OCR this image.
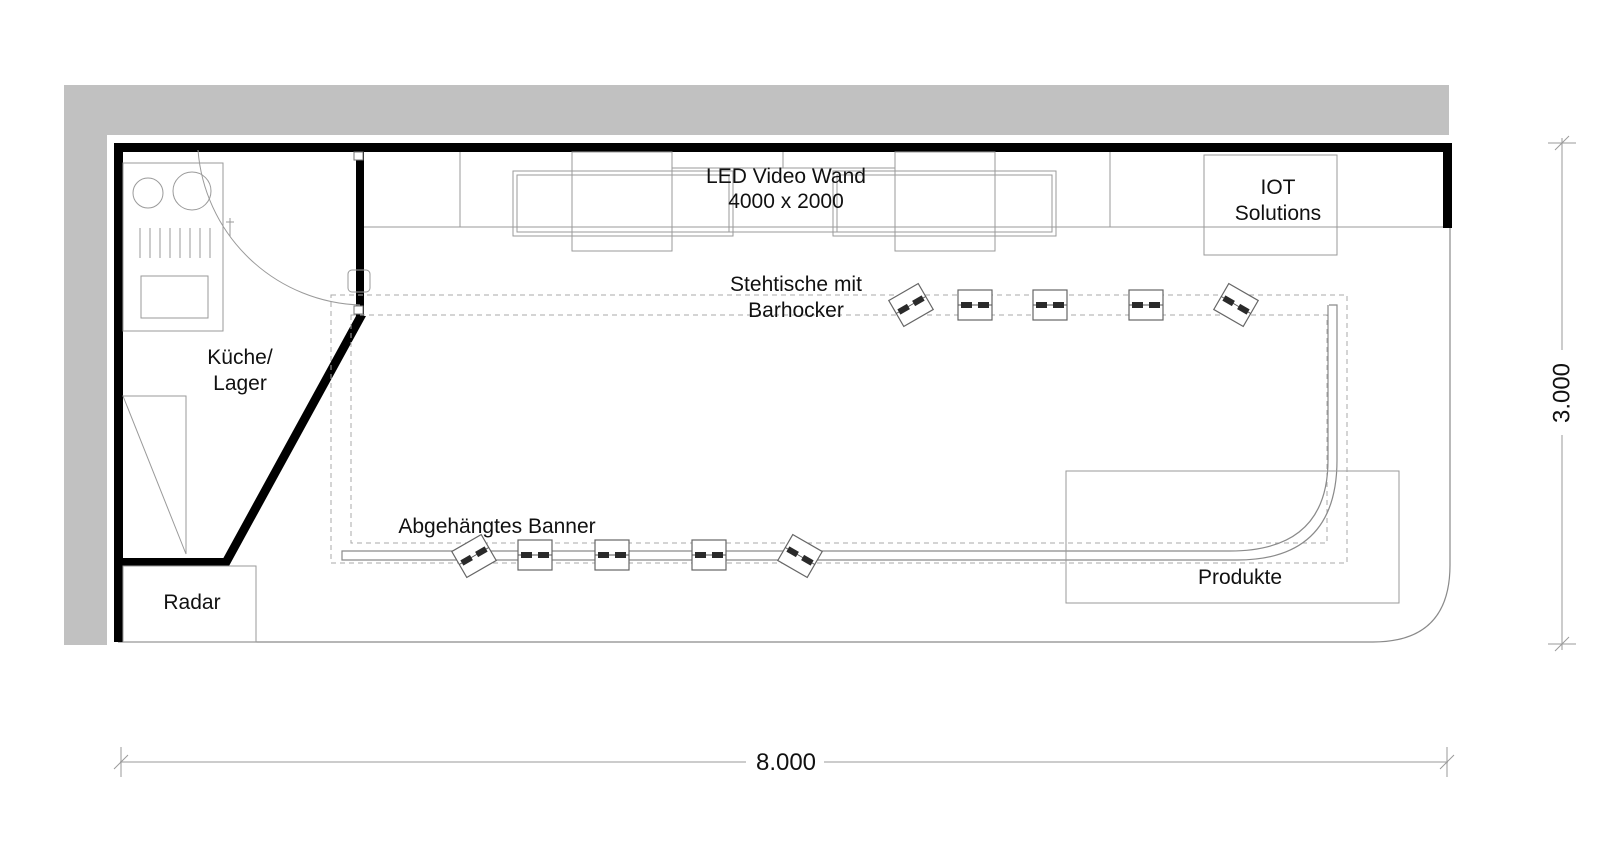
LED Video Wand
4000 x 2000
IOT
Solutions
Stehtische mit
Barhocker
Küche/
Lager
Abgehängtes Banner
Radar
Produkte
8.000
3.000
